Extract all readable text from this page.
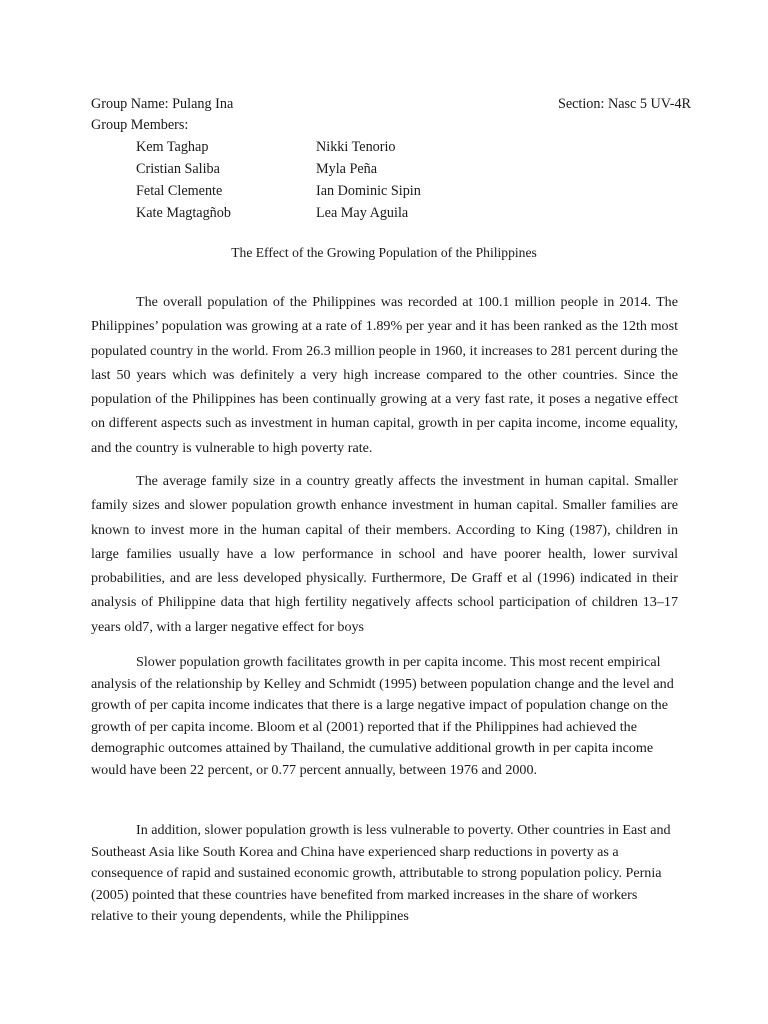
Group Name: Pulang Ina	Section: Nasc 5 UV-4R
Group Members:
Kem Taghap	Nikki Tenorio
Cristian Saliba	Myla Peña
Fetal Clemente	Ian Dominic Sipin
Kate Magtagñob	Lea May Aguila
The Effect of the Growing Population of the Philippines

The overall population of the Philippines was recorded at 100.1 million people in 2014. The Philippines’ population was growing at a rate of 1.89% per year and it has been ranked as the 12th most populated country in the world. From 26.3 million people in 1960, it increases to 281 percent during the last 50 years which was definitely a very high increase compared to the other countries. Since the population of the Philippines has been continually growing at a very fast rate, it poses a negative effect on different aspects such as investment in human capital, growth in per capita income, income equality, and the country is vulnerable to high poverty rate.

The average family size in a country greatly affects the investment in human capital. Smaller family sizes and slower population growth enhance investment in human capital. Smaller families are known to invest more in the human capital of their members. According to King (1987), children in large families usually have a low performance in school and have poorer health, lower survival probabilities, and are less developed physically. Furthermore, De Graff et al (1996) indicated in their analysis of Philippine data that high fertility negatively affects school participation of children 13–17 years old7, with a larger negative effect for boys

Slower population growth facilitates growth in per capita income. This most recent empirical analysis of the relationship by Kelley and Schmidt (1995) between population change and the level and growth of per capita income indicates that there is a large negative impact of population change on the growth of per capita income. Bloom et al (2001) reported that if the Philippines had achieved the demographic outcomes attained by Thailand, the cumulative additional growth in per capita income would have been 22 percent, or 0.77 percent annually, between 1976 and 2000.

In addition, slower population growth is less vulnerable to poverty. Other countries in East and Southeast Asia like South Korea and China have experienced sharp reductions in poverty as a consequence of rapid and sustained economic growth, attributable to strong population policy. Pernia (2005) pointed that these countries have benefited from marked increases in the share of workers relative to their young dependents, while the Philippines
